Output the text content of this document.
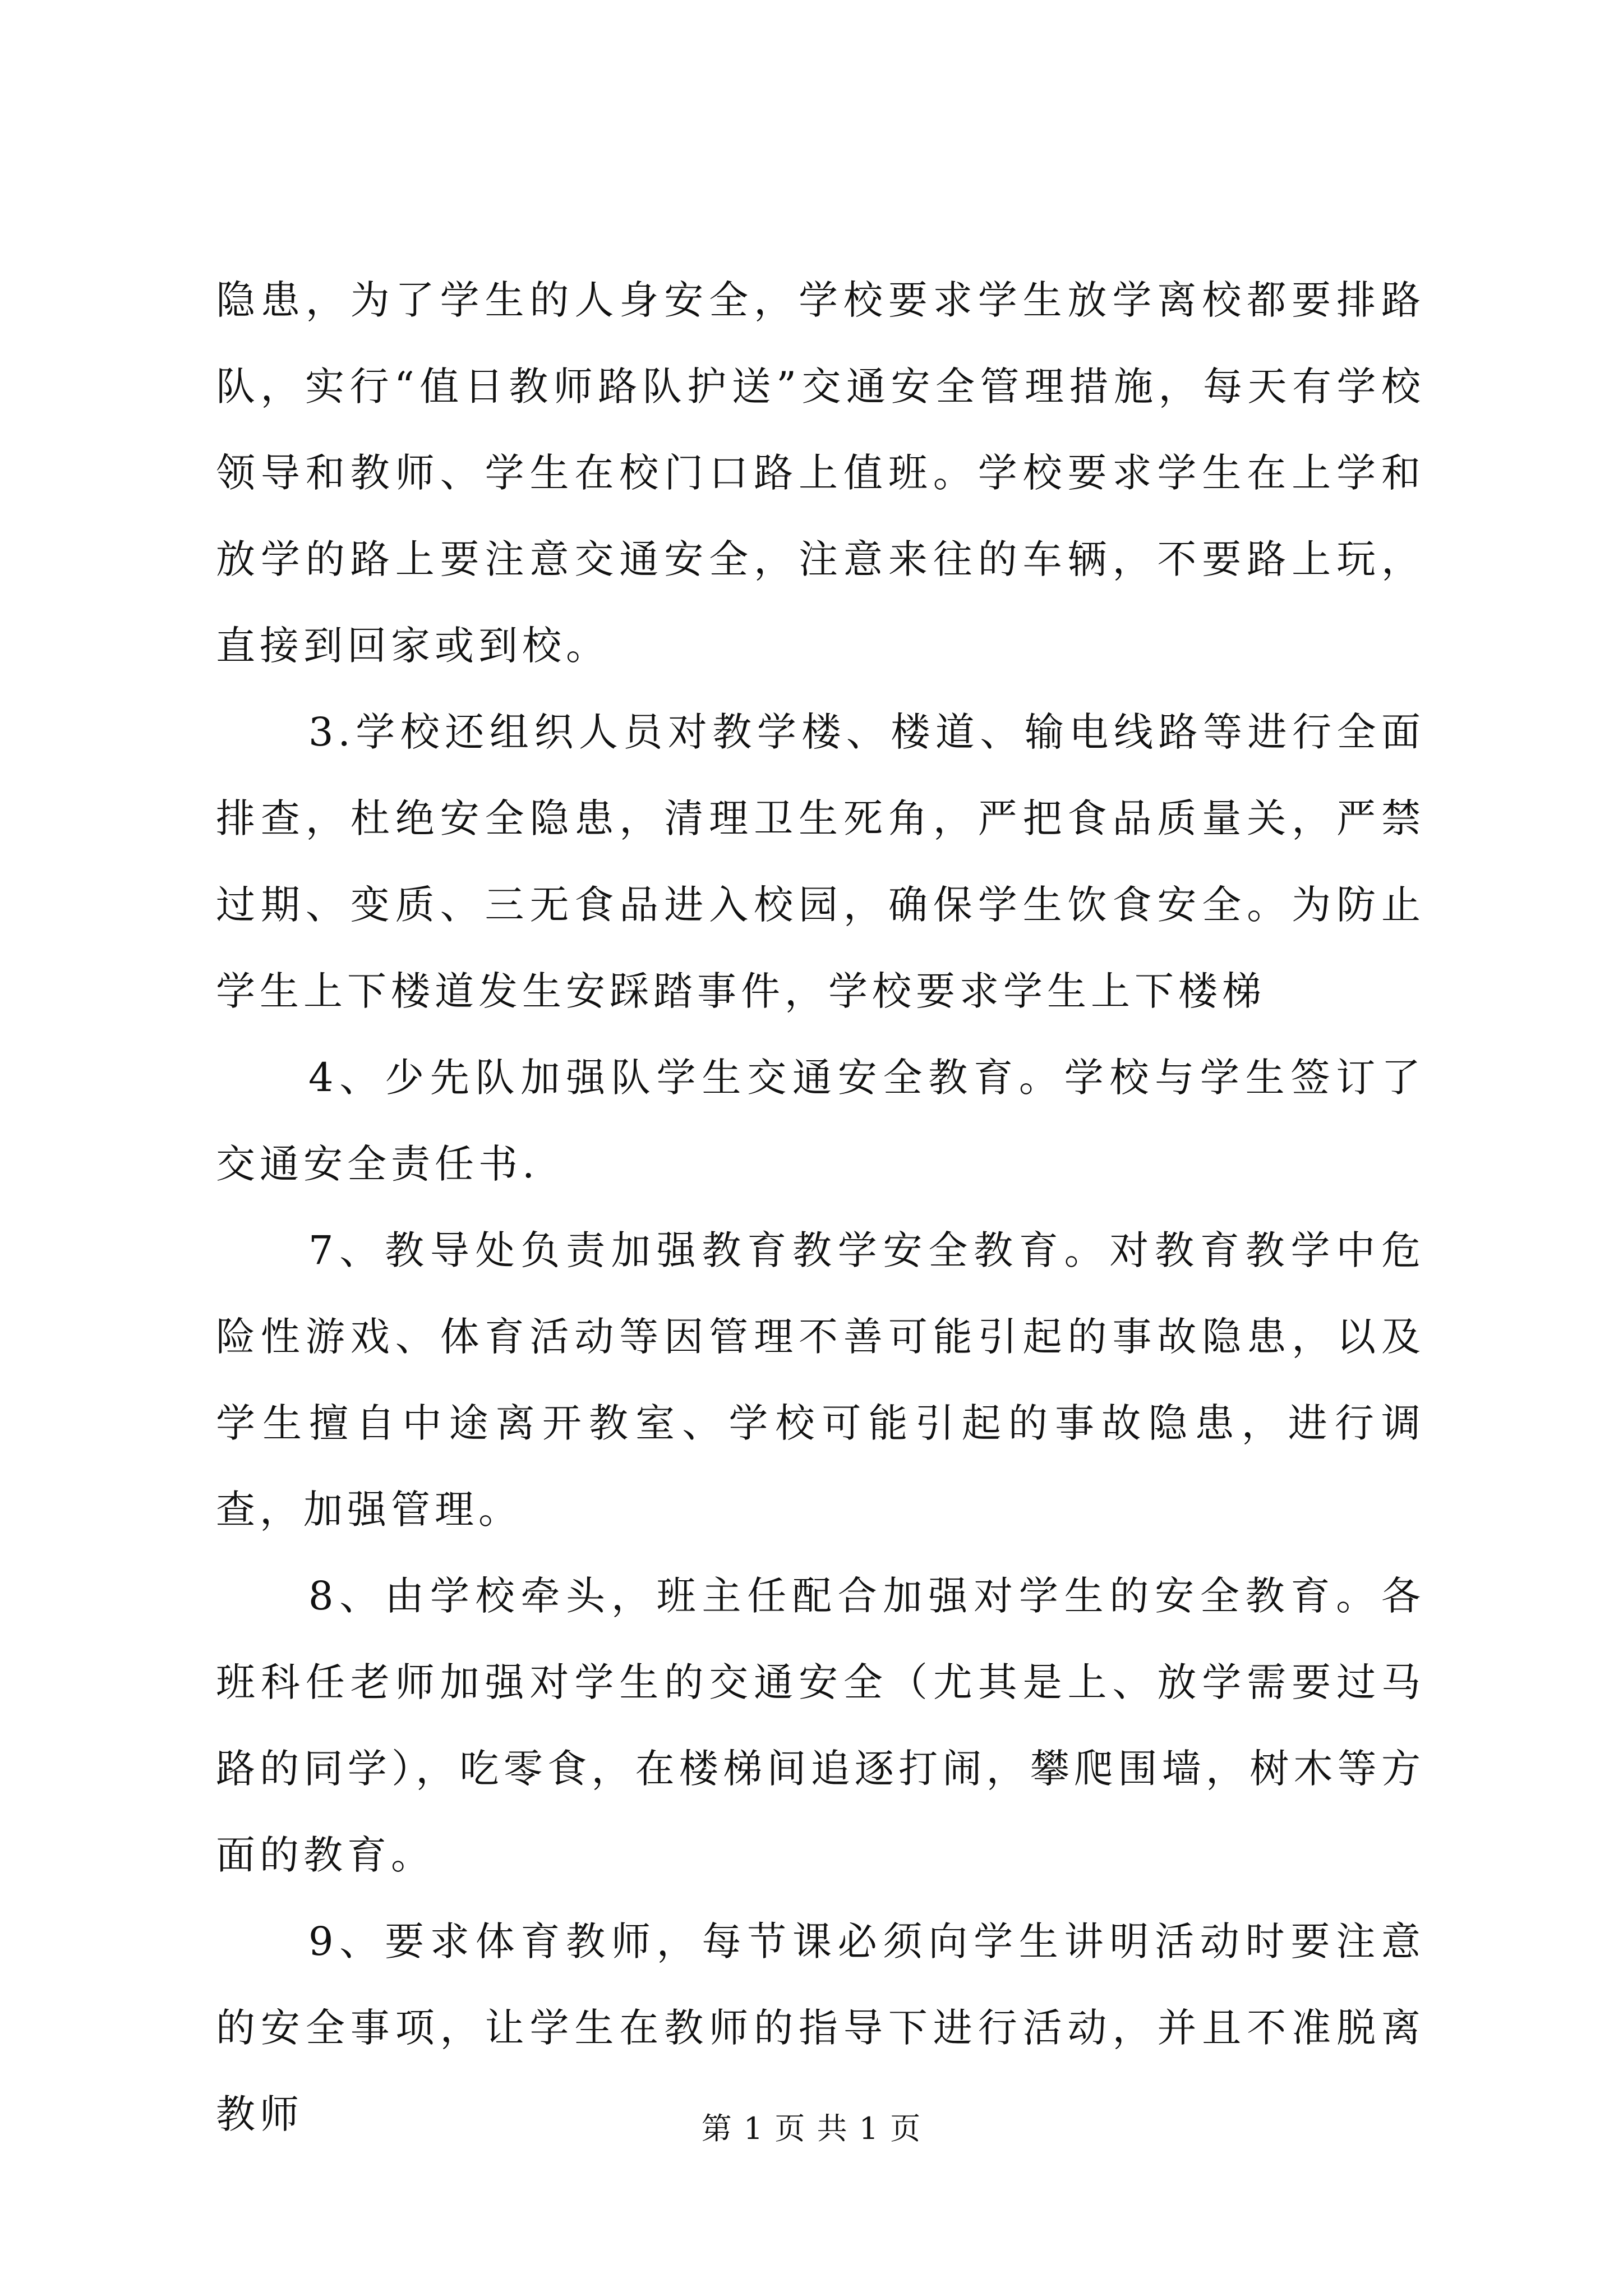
隐患，为了学生的人身安全，学校要求学生放学离校都要排路队，实行“值日教师路队护送”交通安全管理措施，每天有学校领导和教师、学生在校门口路上值班。学校要求学生在上学和放学的路上要注意交通安全，注意来往的车辆，不要路上玩，直接到回家或到校。

3.学校还组织人员对教学楼、楼道、输电线路等进行全面排查，杜绝安全隐患，清理卫生死角，严把食品质量关，严禁过期、变质、三无食品进入校园，确保学生饮食安全。为防止学生上下楼道发生安踩踏事件，学校要求学生上下楼梯

4、少先队加强队学生交通安全教育。学校与学生签订了交通安全责任书.

7、教导处负责加强教育教学安全教育。对教育教学中危险性游戏、体育活动等因管理不善可能引起的事故隐患，以及学生擅自中途离开教室、学校可能引起的事故隐患，进行调查，加强管理。

8、由学校牵头，班主任配合加强对学生的安全教育。各班科任老师加强对学生的交通安全（尤其是上、放学需要过马路的同学），吃零食，在楼梯间追逐打闹，攀爬围墙，树木等方面的教育。

9、要求体育教师，每节课必须向学生讲明活动时要注意的安全事项，让学生在教师的指导下进行活动，并且不准脱离教师	第 1 页 共 1 页
